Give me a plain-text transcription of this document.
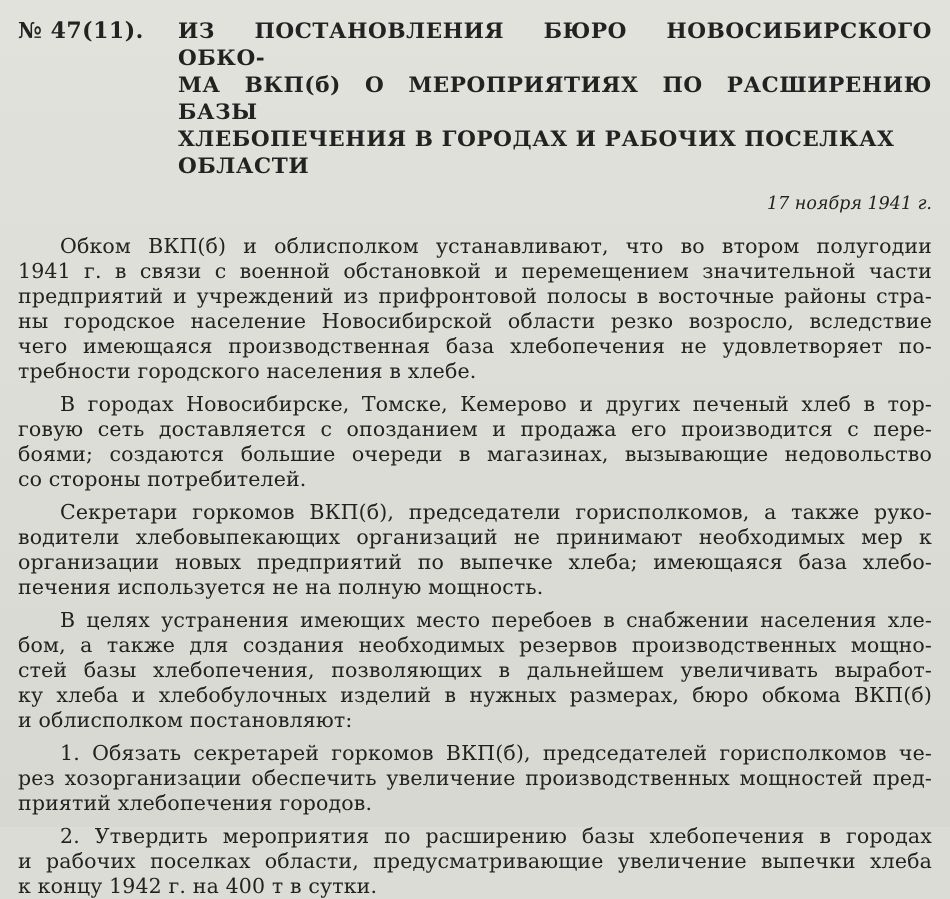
№ 47(11).	ИЗ ПОСТАНОВЛЕНИЯ БЮРО НОВОСИБИРСКОГО ОБКО-
МА ВКП(б) О МЕРОПРИЯТИЯХ ПО РАСШИРЕНИЮ БАЗЫ
ХЛЕБОПЕЧЕНИЯ В ГОРОДАХ И РАБОЧИХ ПОСЕЛКАХ
ОБЛАСТИ
17 ноября 1941 г.
Обком ВКП(б) и облисполком устанавливают, что во втором полугодии
1941 г. в связи с военной обстановкой и перемещением значительной части
предприятий и учреждений из прифронтовой полосы в восточные районы стра-
ны городское население Новосибирской области резко возросло, вследствие
чего имеющаяся производственная база хлебопечения не удовлетворяет по-
требности городского населения в хлебе.
В городах Новосибирске, Томске, Кемерово и других печеный хлеб в тор-
говую сеть доставляется с опозданием и продажа его производится с пере-
боями; создаются большие очереди в магазинах, вызывающие недовольство
со стороны потребителей.
Секретари горкомов ВКП(б), председатели горисполкомов, а также руко-
водители хлебовыпекающих организаций не принимают необходимых мер к
организации новых предприятий по выпечке хлеба; имеющаяся база хлебо-
печения используется не на полную мощность.
В целях устранения имеющих место перебоев в снабжении населения хле-
бом, а также для создания необходимых резервов производственных мощно-
стей базы хлебопечения, позволяющих в дальнейшем увеличивать выработ-
ку хлеба и хлебобулочных изделий в нужных размерах, бюро обкома ВКП(б)
и облисполком постановляют:
1. Обязать секретарей горкомов ВКП(б), председателей горисполкомов че-
рез хозорганизации обеспечить увеличение производственных мощностей пред-
приятий хлебопечения городов.
2. Утвердить мероприятия по расширению базы хлебопечения в городах
и рабочих поселках области, предусматривающие увеличение выпечки хлеба
к концу 1942 г. на 400 т в сутки.
